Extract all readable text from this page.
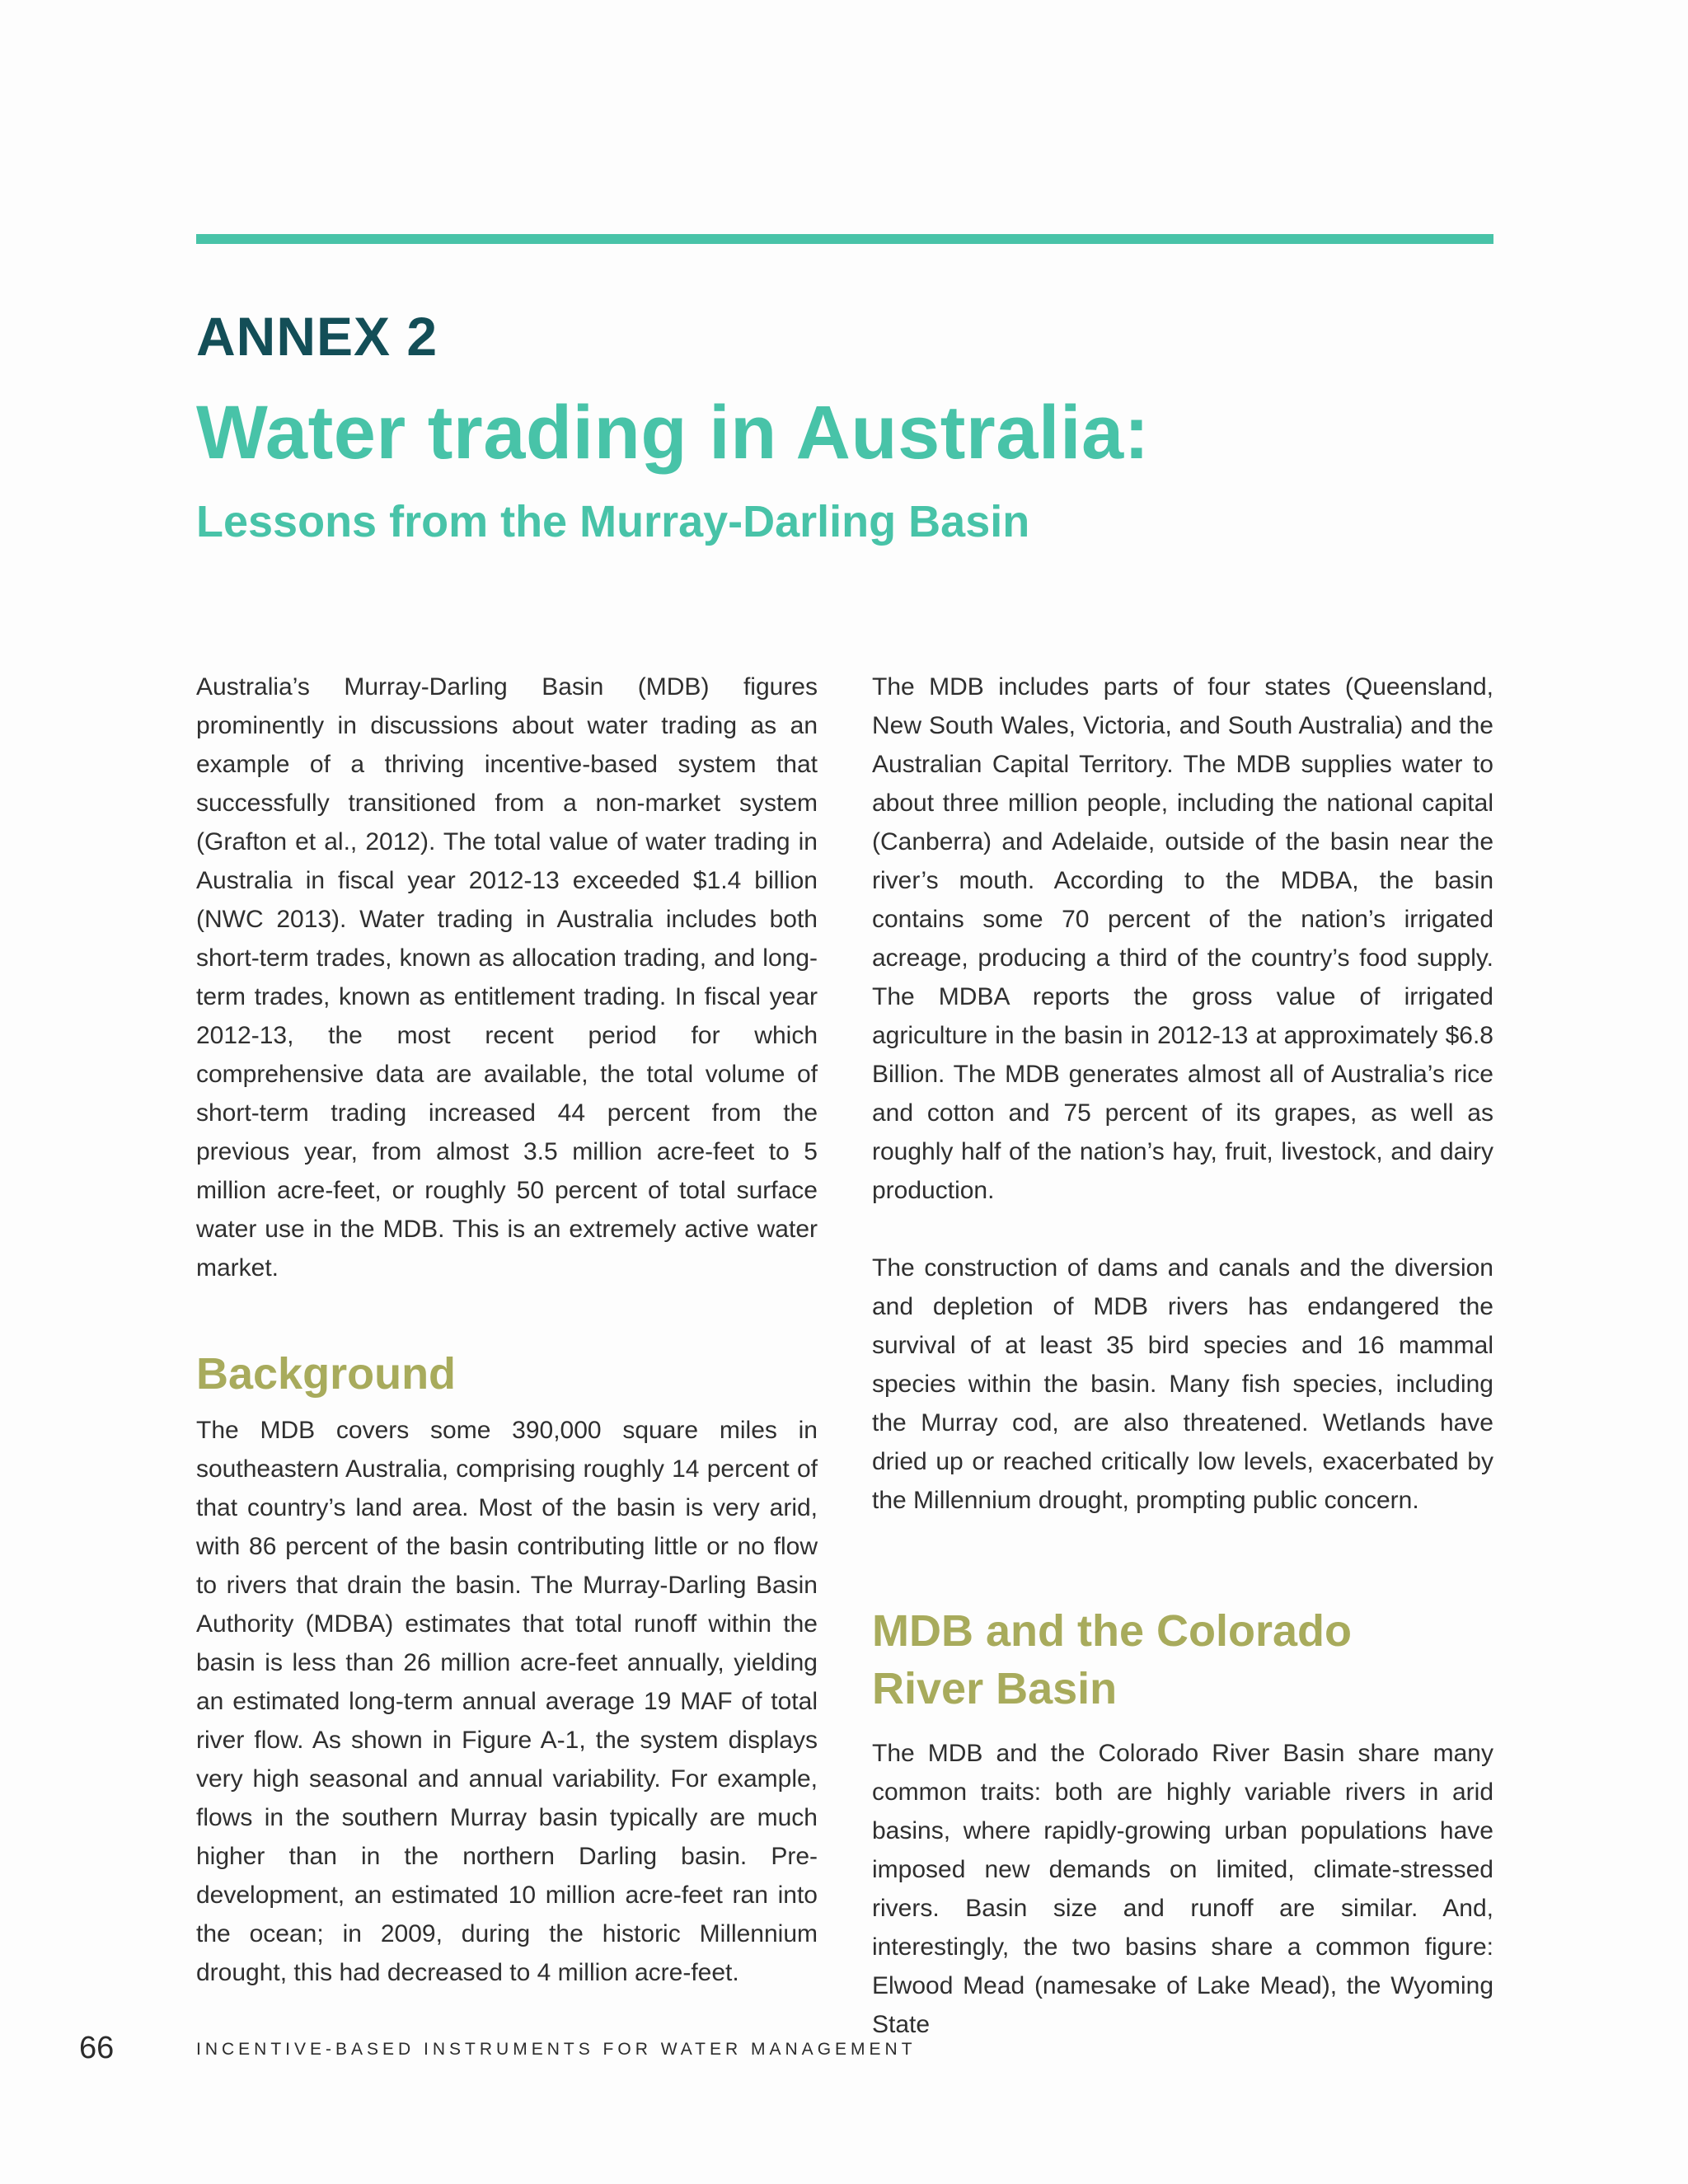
ANNEX 2
Water trading in Australia:
Lessons from the Murray-Darling Basin

Australia’s Murray-Darling Basin (MDB) figures prominently in discussions about water trading as an example of a thriving incentive-based system that successfully transitioned from a non-market system (Grafton et al., 2012). The total value of water trading in Australia in fiscal year 2012-13 exceeded $1.4 billion (NWC 2013). Water trading in Australia includes both short-term trades, known as allocation trading, and long-term trades, known as entitlement trading. In fiscal year 2012-13, the most recent period for which comprehensive data are available, the total volume of short-term trading increased 44 percent from the previous year, from almost 3.5 million acre-feet to 5 million acre-feet, or roughly 50 percent of total surface water use in the MDB. This is an extremely active water market.

Background

The MDB covers some 390,000 square miles in southeastern Australia, comprising roughly 14 percent of that country’s land area. Most of the basin is very arid, with 86 percent of the basin contributing little or no flow to rivers that drain the basin. The Murray-Darling Basin Authority (MDBA) estimates that total runoff within the basin is less than 26 million acre-feet annually, yielding an estimated long-term annual average 19 MAF of total river flow. As shown in Figure A-1, the system displays very high seasonal and annual variability. For example, flows in the southern Murray basin typically are much higher than in the northern Darling basin. Pre-development, an estimated 10 million acre-feet ran into the ocean; in 2009, during the historic Millennium drought, this had decreased to 4 million acre-feet.

The MDB includes parts of four states (Queensland, New South Wales, Victoria, and South Australia) and the Australian Capital Territory. The MDB supplies water to about three million people, including the national capital (Canberra) and Adelaide, outside of the basin near the river’s mouth. According to the MDBA, the basin contains some 70 percent of the nation’s irrigated acreage, producing a third of the country’s food supply. The MDBA reports the gross value of irrigated agriculture in the basin in 2012-13 at approximately $6.8 Billion. The MDB generates almost all of Australia’s rice and cotton and 75 percent of its grapes, as well as roughly half of the nation’s hay, fruit, livestock, and dairy production.

The construction of dams and canals and the diversion and depletion of MDB rivers has endangered the survival of at least 35 bird species and 16 mammal species within the basin. Many fish species, including the Murray cod, are also threatened. Wetlands have dried up or reached critically low levels, exacerbated by the Millennium drought, prompting public concern.

MDB and the Colorado
River Basin

The MDB and the Colorado River Basin share many common traits: both are highly variable rivers in arid basins, where rapidly-growing urban populations have imposed new demands on limited, climate-stressed rivers. Basin size and runoff are similar. And, interestingly, the two basins share a common figure: Elwood Mead (namesake of Lake Mead), the Wyoming State

66	INCENTIVE-BASED INSTRUMENTS FOR WATER MANAGEMENT
